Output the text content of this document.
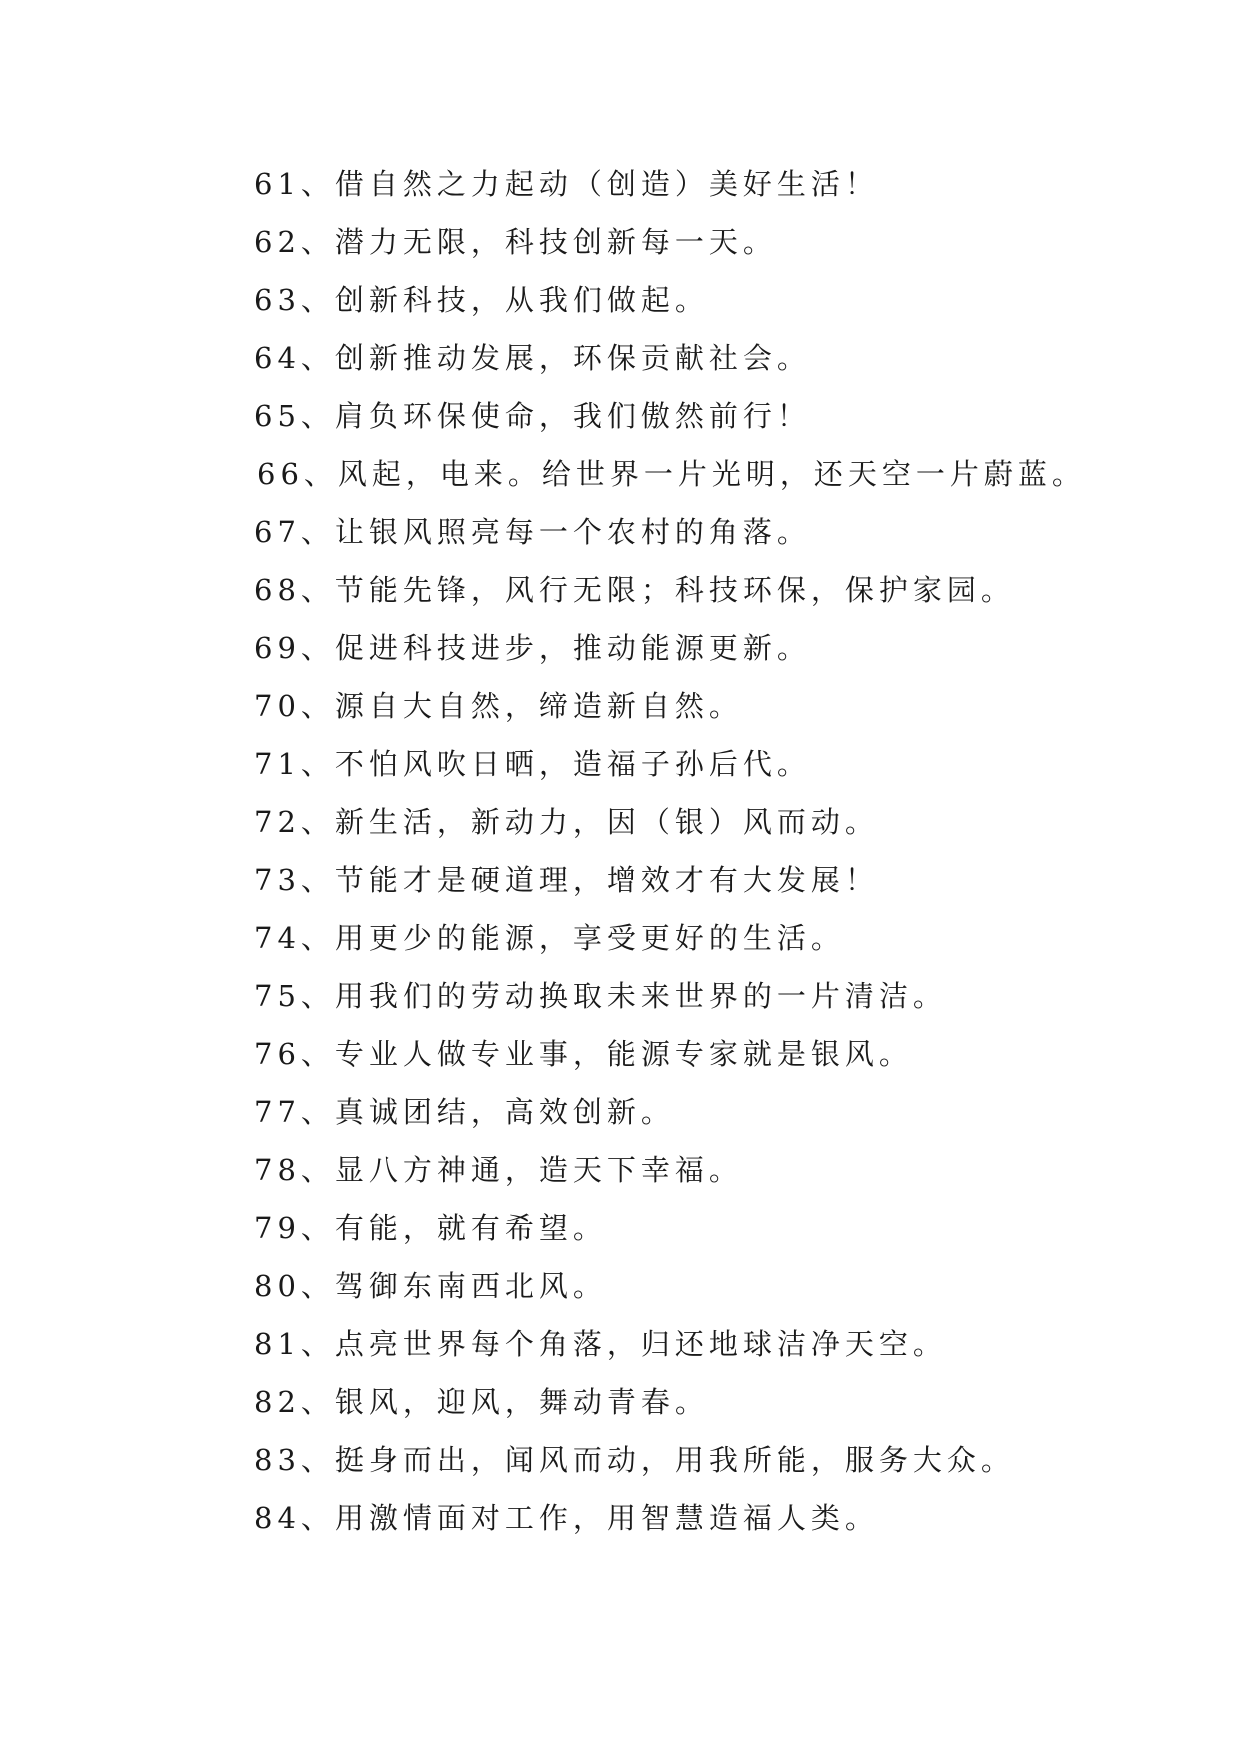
61、借自然之力起动（创造）美好生活！
62、潜力无限，科技创新每一天。
63、创新科技，从我们做起。
64、创新推动发展，环保贡献社会。
65、肩负环保使命，我们傲然前行！
66、风起，电来。给世界一片光明，还天空一片蔚蓝。
67、让银风照亮每一个农村的角落。
68、节能先锋，风行无限；科技环保，保护家园。
69、促进科技进步，推动能源更新。
70、源自大自然，缔造新自然。
71、不怕风吹日晒，造福子孙后代。
72、新生活，新动力，因（银）风而动。
73、节能才是硬道理，增效才有大发展！
74、用更少的能源，享受更好的生活。
75、用我们的劳动换取未来世界的一片清洁。
76、专业人做专业事，能源专家就是银风。
77、真诚团结，高效创新。
78、显八方神通，造天下幸福。
79、有能，就有希望。
80、驾御东南西北风。
81、点亮世界每个角落，归还地球洁净天空。
82、银风，迎风，舞动青春。
83、挺身而出，闻风而动，用我所能，服务大众。
84、用激情面对工作，用智慧造福人类。
